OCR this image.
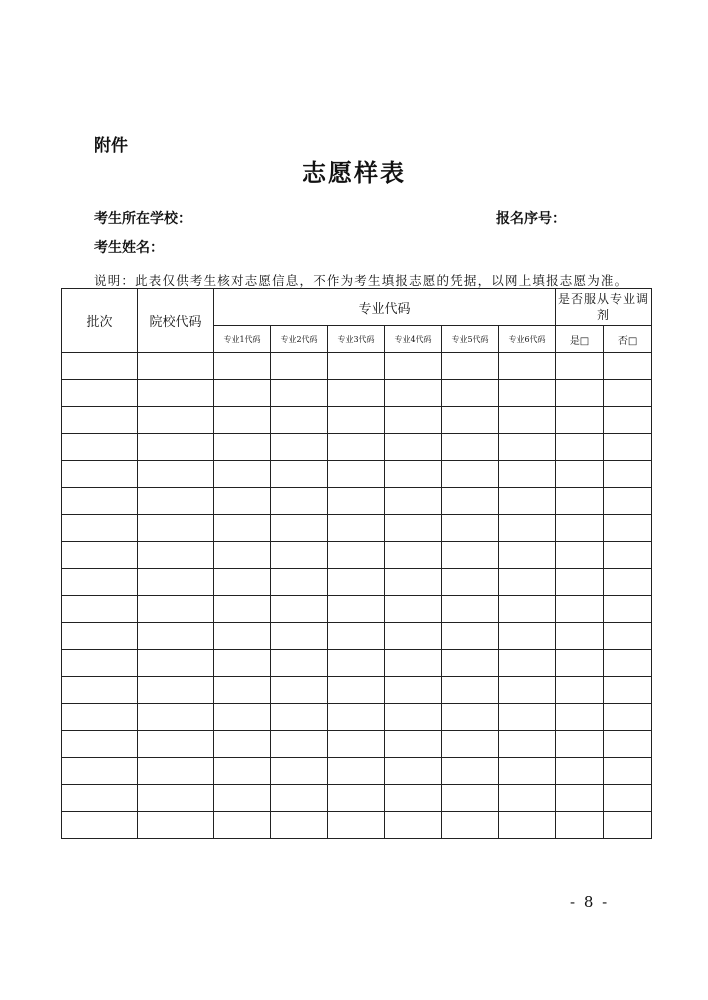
附件
志愿样表
考生所在学校：	报名序号：
考生姓名：
说明：此表仅供考生核对志愿信息，不作为考生填报志愿的凭据，以网上填报志愿为准。
批次	院校代码	专业代码						是否服从专业调剂	
		专业1代码	专业2代码	专业3代码	专业4代码	专业5代码	专业6代码	是□	否□

- 8 -
